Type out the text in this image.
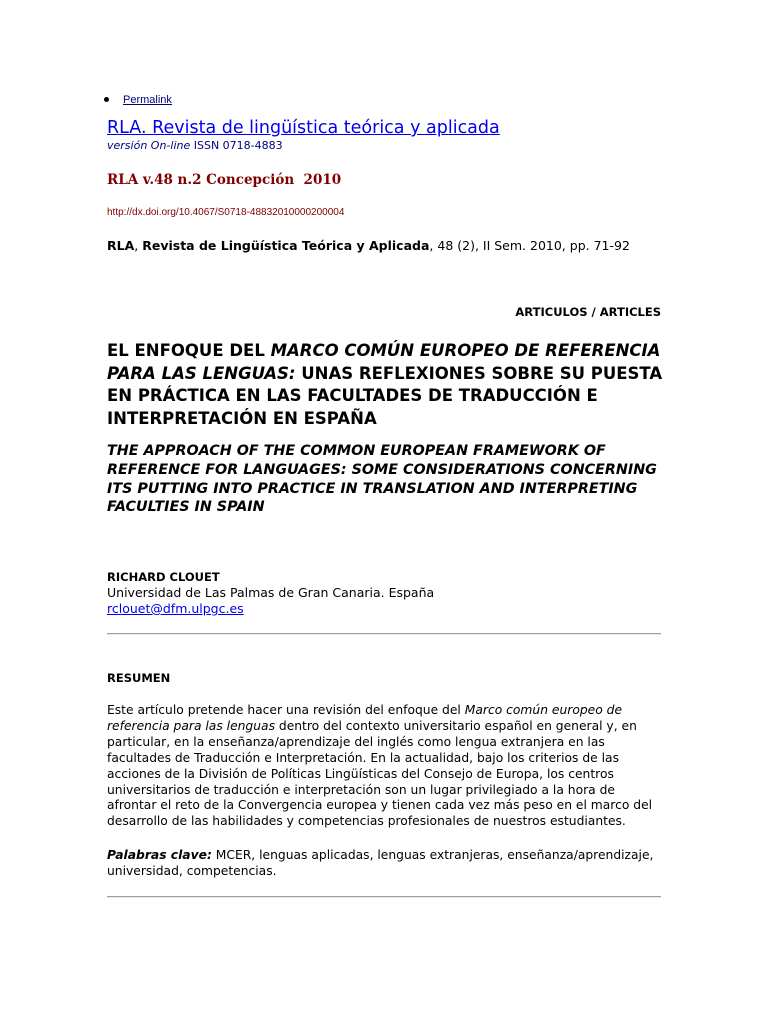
Permalink
RLA. Revista de lingüística teórica y aplicada
versión On-line ISSN 0718-4883
RLA v.48 n.2 Concepción  2010
http://dx.doi.org/10.4067/S0718-48832010000200004
RLA, Revista de Lingüística Teórica y Aplicada, 48 (2), II Sem. 2010, pp. 71-92
ARTICULOS / ARTICLES
EL ENFOQUE DEL MARCO COMÚN EUROPEO DE REFERENCIA PARA LAS LENGUAS: UNAS REFLEXIONES SOBRE SU PUESTA EN PRÁCTICA EN LAS FACULTADES DE TRADUCCIÓN E INTERPRETACIÓN EN ESPAÑA
THE APPROACH OF THE COMMON EUROPEAN FRAMEWORK OF REFERENCE FOR LANGUAGES: SOME CONSIDERATIONS CONCERNING ITS PUTTING INTO PRACTICE IN TRANSLATION AND INTERPRETING FACULTIES IN SPAIN
RICHARD CLOUET
Universidad de Las Palmas de Gran Canaria. España
rclouet@dfm.ulpgc.es
RESUMEN
Este artículo pretende hacer una revisión del enfoque del Marco común europeo de referencia para las lenguas dentro del contexto universitario español en general y, en particular, en la enseñanza/aprendizaje del inglés como lengua extranjera en las facultades de Traducción e Interpretación. En la actualidad, bajo los criterios de las acciones de la División de Políticas Lingüísticas del Consejo de Europa, los centros universitarios de traducción e interpretación son un lugar privilegiado a la hora de afrontar el reto de la Convergencia europea y tienen cada vez más peso en el marco del desarrollo de las habilidades y competencias profesionales de nuestros estudiantes.
Palabras clave: MCER, lenguas aplicadas, lenguas extranjeras, enseñanza/aprendizaje, universidad, competencias.
